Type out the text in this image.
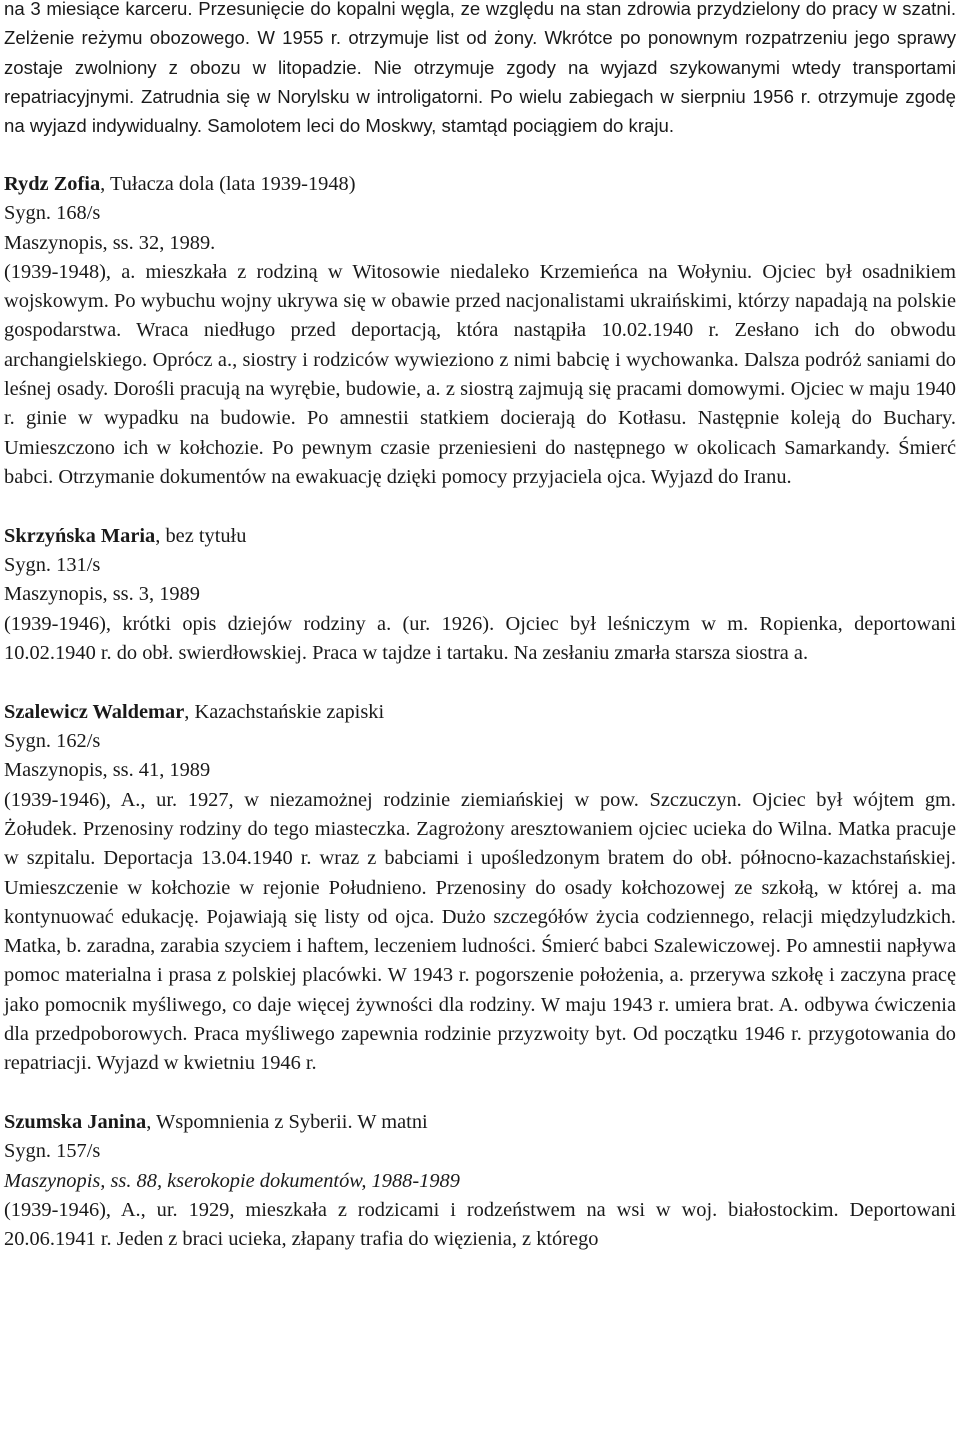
na 3 miesiące karceru. Przesunięcie do kopalni węgla, ze względu na stan zdrowia przydzielony do pracy w szatni. Zelżenie reżymu obozowego. W 1955 r. otrzymuje list od żony. Wkrótce po ponownym rozpatrzeniu jego sprawy zostaje zwolniony z obozu w litopadzie. Nie otrzymuje zgody na wyjazd szykowanymi wtedy transportami repatriacyjnymi. Zatrudnia się w Norylsku w introligatorni. Po wielu zabiegach w sierpniu 1956 r. otrzymuje zgodę na wyjazd indywidualny. Samolotem leci do Moskwy, stamtąd pociągiem do kraju.

Rydz Zofia, Tułacza dola (lata 1939-1948)
Sygn. 168/s
Maszynopis, ss. 32, 1989.

(1939-1948), a. mieszkała z rodziną w Witosowie niedaleko Krzemieńca na Wołyniu. Ojciec był osadnikiem wojskowym. Po wybuchu wojny ukrywa się w obawie przed nacjonalistami ukraińskimi, którzy napadają na polskie gospodarstwa. Wraca niedługo przed deportacją, która nastąpiła 10.02.1940 r. Zesłano ich do obwodu archangielskiego. Oprócz a., siostry i rodziców wywieziono z nimi babcię i wychowanka. Dalsza podróż saniami do leśnej osady. Dorośli pracują na wyrębie, budowie, a. z siostrą zajmują się pracami domowymi. Ojciec w maju 1940 r. ginie w wypadku na budowie. Po amnestii statkiem docierają do Kotłasu. Następnie koleją do Buchary. Umieszczono ich w kołchozie. Po pewnym czasie przeniesieni do następnego w okolicach Samarkandy. Śmierć babci. Otrzymanie dokumentów na ewakuację dzięki pomocy przyjaciela ojca. Wyjazd do Iranu.

Skrzyńska Maria, bez tytułu
Sygn. 131/s
Maszynopis, ss. 3, 1989

(1939-1946), krótki opis dziejów rodziny a. (ur. 1926). Ojciec był leśniczym w m. Ropienka, deportowani 10.02.1940 r. do obł. swierdłowskiej. Praca w tajdze i tartaku. Na zesłaniu zmarła starsza siostra a.

Szalewicz Waldemar, Kazachstańskie zapiski
Sygn. 162/s
Maszynopis, ss. 41, 1989

(1939-1946), A., ur. 1927, w niezamożnej rodzinie ziemiańskiej w pow. Szczuczyn. Ojciec był wójtem gm. Żołudek. Przenosiny rodziny do tego miasteczka. Zagrożony aresztowaniem ojciec ucieka do Wilna. Matka pracuje w szpitalu. Deportacja 13.04.1940 r. wraz z babciami i upośledzonym bratem do obł. północno-kazachstańskiej. Umieszczenie w kołchozie w rejonie Południeno. Przenosiny do osady kołchozowej ze szkołą, w której a. ma kontynuować edukację. Pojawiają się listy od ojca. Dużo szczegółów życia codziennego, relacji międzyludzkich. Matka, b. zaradna, zarabia szyciem i haftem, leczeniem ludności. Śmierć babci Szalewiczowej. Po amnestii napływa pomoc materialna i prasa z polskiej placówki. W 1943 r. pogorszenie położenia, a. przerywa szkołę i zaczyna pracę jako pomocnik myśliwego, co daje więcej żywności dla rodziny. W maju 1943 r. umiera brat. A. odbywa ćwiczenia dla przedpoborowych. Praca myśliwego zapewnia rodzinie przyzwoity byt. Od początku 1946 r. przygotowania do repatriacji. Wyjazd w kwietniu 1946 r.

Szumska Janina, Wspomnienia z Syberii. W matni
Sygn. 157/s
Maszynopis, ss. 88, kserokopie dokumentów, 1988-1989

(1939-1946), A., ur. 1929, mieszkała z rodzicami i rodzeństwem na wsi w woj. białostockim. Deportowani 20.06.1941 r. Jeden z braci ucieka, złapany trafia do więzienia, z którego
